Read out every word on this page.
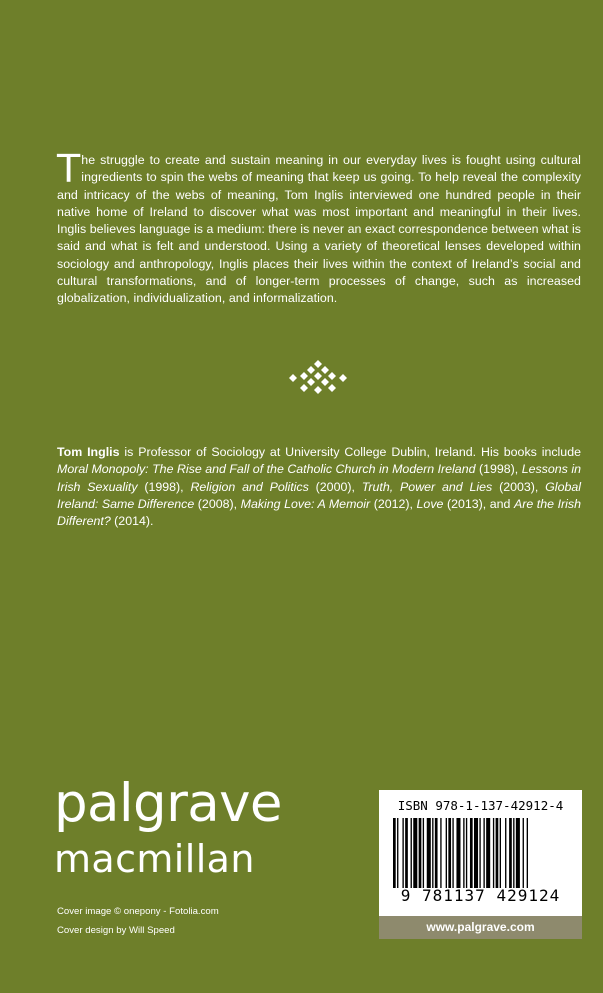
The struggle to create and sustain meaning in our everyday lives is fought using cultural ingredients to spin the webs of meaning that keep us going. To help reveal the complexity and intricacy of the webs of meaning, Tom Inglis interviewed one hundred people in their native home of Ireland to discover what was most important and meaningful in their lives. Inglis believes language is a medium: there is never an exact correspondence between what is said and what is felt and understood. Using a variety of theoretical lenses developed within sociology and anthropology, Inglis places their lives within the context of Ireland’s social and cultural transformations, and of longer-term processes of change, such as increased globalization, individualization, and informalization.
Tom Inglis is Professor of Sociology at University College Dublin, Ireland. His books include Moral Monopoly: The Rise and Fall of the Catholic Church in Modern Ireland (1998), Lessons in Irish Sexuality (1998), Religion and Politics (2000), Truth, Power and Lies (2003), Global Ireland: Same Difference (2008), Making Love: A Memoir (2012), Love (2013), and Are the Irish Different? (2014).
palgrave
macmillan
Cover image © onepony - Fotolia.com
Cover design by Will Speed
ISBN 978-1-137-42912-4
9 781137 429124
www.palgrave.com
